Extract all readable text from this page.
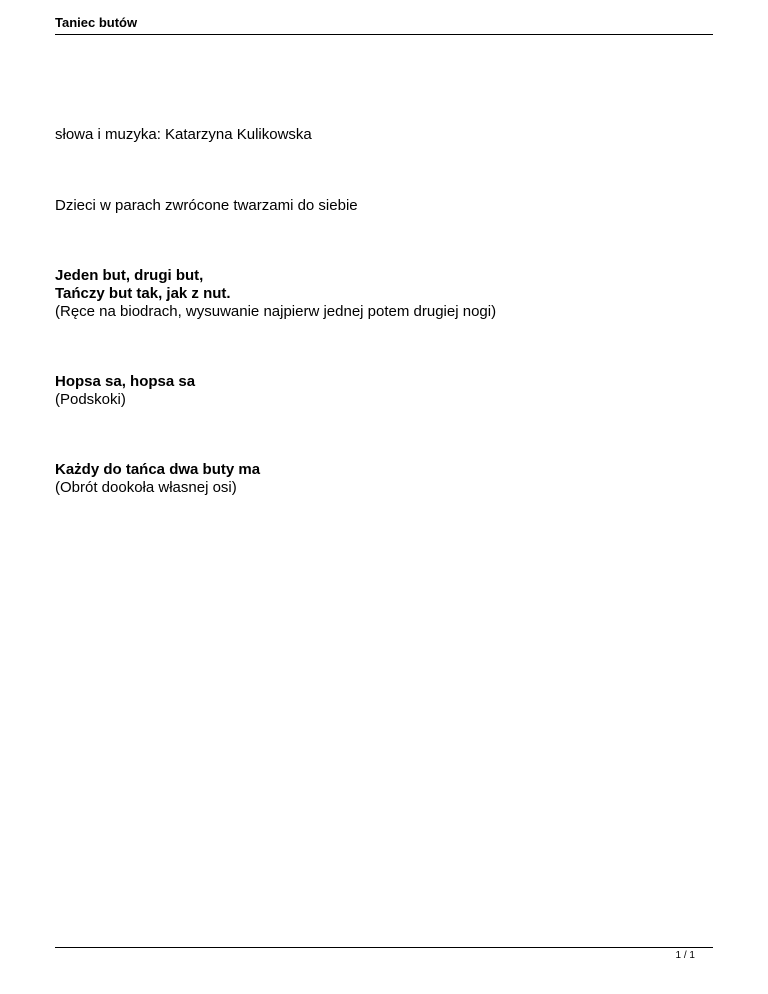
Taniec butów
słowa i muzyka: Katarzyna Kulikowska
Dzieci w parach zwrócone twarzami do siebie
Jeden but, drugi but,
Tańczy but tak, jak z nut.
(Ręce na biodrach, wysuwanie najpierw jednej potem drugiej nogi)
Hopsa sa, hopsa sa
(Podskoki)
Każdy do tańca dwa buty ma
(Obrót dookoła własnej osi)
1 / 1
